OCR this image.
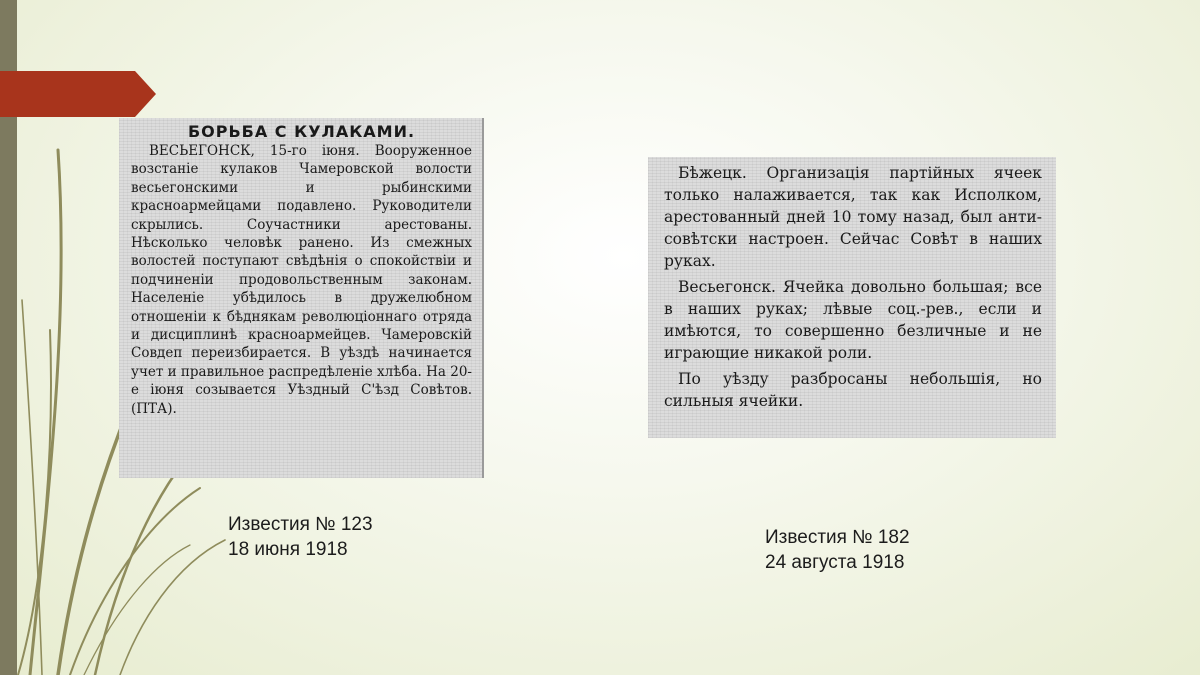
БОРЬБА С КУЛАКАМИ.

ВЕСЬЕГОНСК, 15-го іюня. Вооруженное возстаніе кулаков Чамеровской волости весьегонскими и рыбинскими красноармейцами подавлено. Руководители скрылись. Соучастники арестованы. Нѣсколько человѣк ранено. Из смежных волостей поступают свѣдѣнія о спокойствіи и подчиненіи продовольственным законам. Населеніе убѣдилось в дружелюбном отношеніи к бѣднякам революціоннаго отряда и дисциплинѣ красноармейцев. Чамеровскій Совдеп переизбирается. В уѣздѣ начинается учет и правильное распредѣленіе хлѣба. На 20-е іюня созывается Уѣздный С'ѣзд Совѣтов. (ПТА).

Бѣжецк. Организація партійных ячеек только налаживается, так как Исполком, арестованный дней 10 тому назад, был анти-совѣтски настроен. Сейчас Совѣт в наших руках.

Весьегонск. Ячейка довольно большая; все в наших руках; лѣвые соц.-рев., если и имѣются, то совершенно безличные и не играющие никакой роли.

По уѣзду разбросаны небольшія, но сильныя ячейки.

Известия № 123
18 июня 1918
Известия № 182
24 августа 1918
